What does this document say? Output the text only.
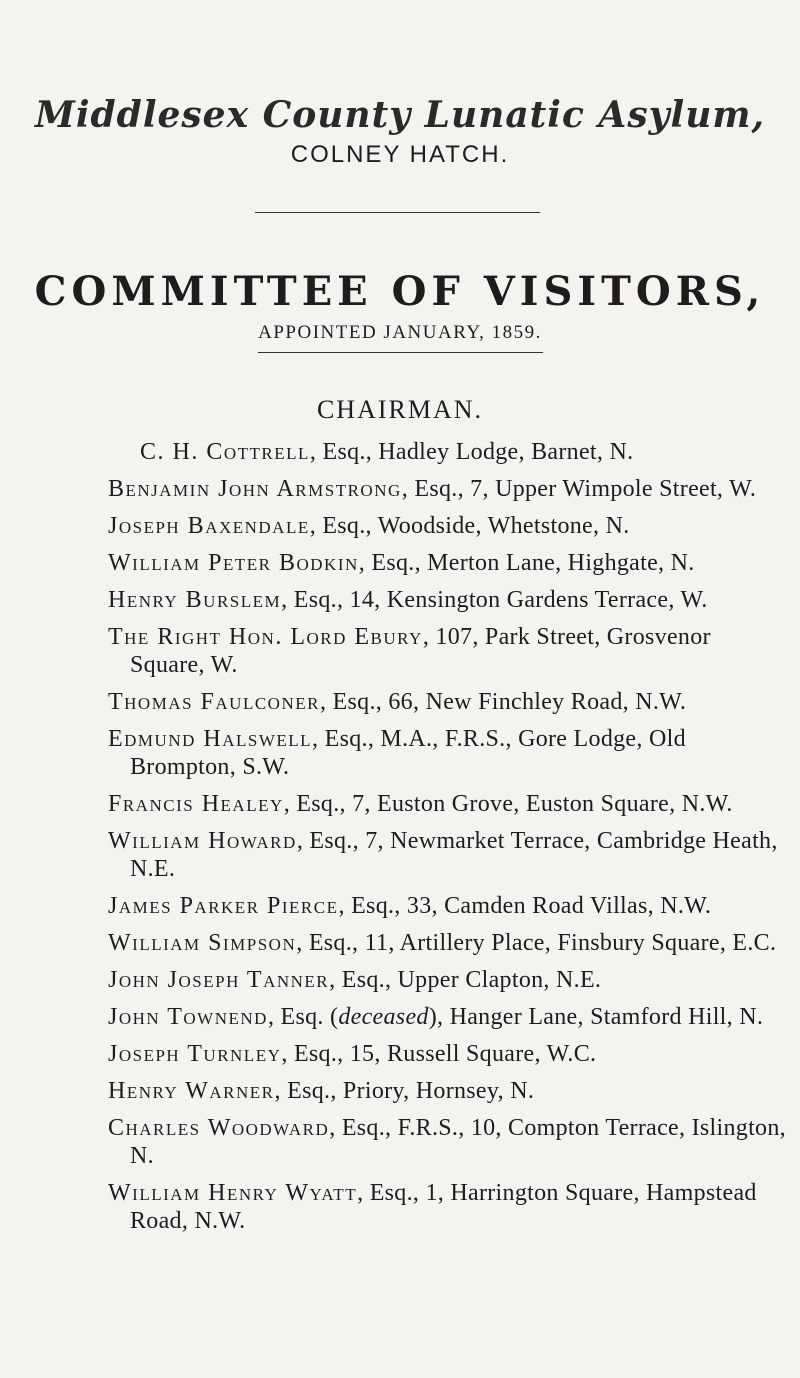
Middlesex County Lunatic Asylum,
COLNEY HATCH.
COMMITTEE OF VISITORS,
APPOINTED JANUARY, 1859.
CHAIRMAN.
C. H. Cottrell, Esq., Hadley Lodge, Barnet, N.
Benjamin John Armstrong, Esq., 7, Upper Wimpole Street, W.
Joseph Baxendale, Esq., Woodside, Whetstone, N.
William Peter Bodkin, Esq., Merton Lane, Highgate, N.
Henry Burslem, Esq., 14, Kensington Gardens Terrace, W.
The Right Hon. Lord Ebury, 107, Park Street, Grosvenor Square, W.
Thomas Faulconer, Esq., 66, New Finchley Road, N.W.
Edmund Halswell, Esq., M.A., F.R.S., Gore Lodge, Old Brompton, S.W.
Francis Healey, Esq., 7, Euston Grove, Euston Square, N.W.
William Howard, Esq., 7, Newmarket Terrace, Cambridge Heath, N.E.
James Parker Pierce, Esq., 33, Camden Road Villas, N.W.
William Simpson, Esq., 11, Artillery Place, Finsbury Square, E.C.
John Joseph Tanner, Esq., Upper Clapton, N.E.
John Townend, Esq. (deceased), Hanger Lane, Stamford Hill, N.
Joseph Turnley, Esq., 15, Russell Square, W.C.
Henry Warner, Esq., Priory, Hornsey, N.
Charles Woodward, Esq., F.R.S., 10, Compton Terrace, Islington, N.
William Henry Wyatt, Esq., 1, Harrington Square, Hampstead Road, N.W.
